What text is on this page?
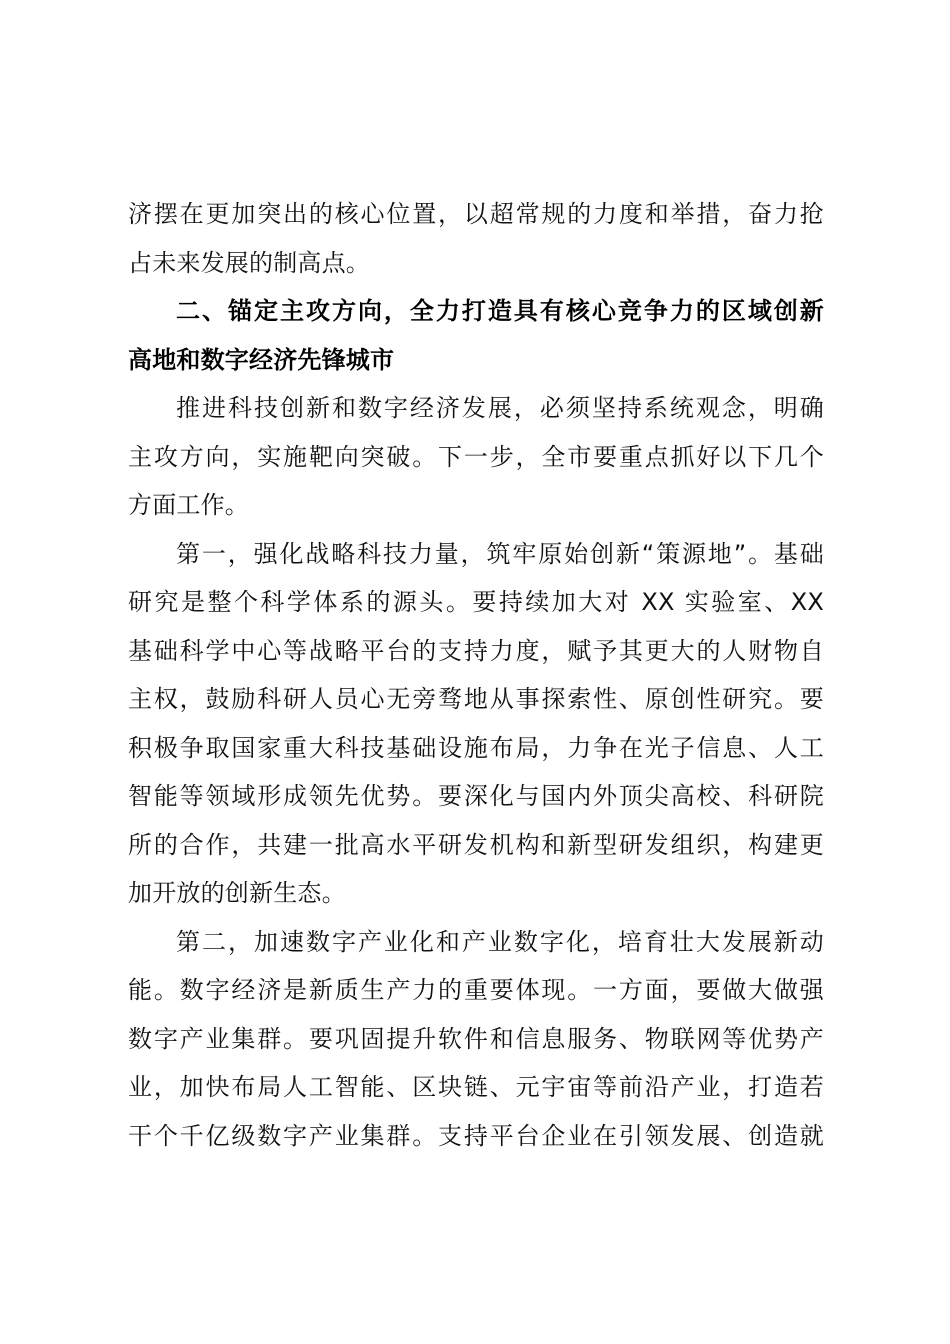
济摆在更加突出的核心位置，以超常规的力度和举措，奋力抢
占未来发展的制高点。
二、锚定主攻方向，全力打造具有核心竞争力的区域创新
高地和数字经济先锋城市
推进科技创新和数字经济发展，必须坚持系统观念，明确
主攻方向，实施靶向突破。下一步，全市要重点抓好以下几个
方面工作。
第一，强化战略科技力量，筑牢原始创新“策源地”。基础
研究是整个科学体系的源头。要持续加大对 XX 实验室、XX
基础科学中心等战略平台的支持力度，赋予其更大的人财物自
主权，鼓励科研人员心无旁骛地从事探索性、原创性研究。要
积极争取国家重大科技基础设施布局，力争在光子信息、人工
智能等领域形成领先优势。要深化与国内外顶尖高校、科研院
所的合作，共建一批高水平研发机构和新型研发组织，构建更
加开放的创新生态。
第二，加速数字产业化和产业数字化，培育壮大发展新动
能。数字经济是新质生产力的重要体现。一方面，要做大做强
数字产业集群。要巩固提升软件和信息服务、物联网等优势产
业，加快布局人工智能、区块链、元宇宙等前沿产业，打造若
干个千亿级数字产业集群。支持平台企业在引领发展、创造就
